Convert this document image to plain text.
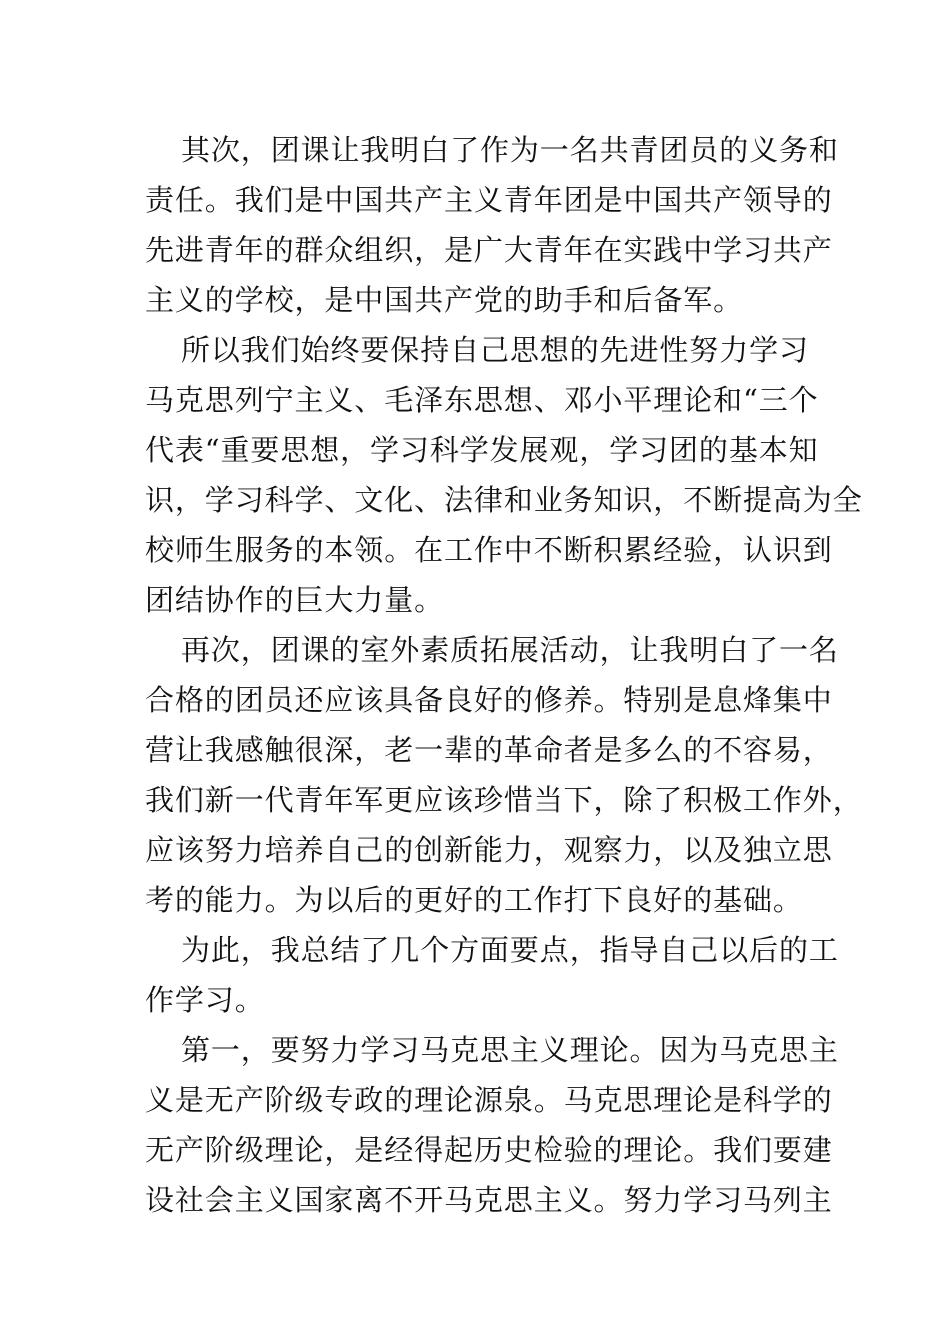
其次，团课让我明白了作为一名共青团员的义务和
责任。我们是中国共产主义青年团是中国共产领导的
先进青年的群众组织，是广大青年在实践中学习共产
主义的学校，是中国共产党的助手和后备军。
所以我们始终要保持自己思想的先进性努力学习
马克思列宁主义、毛泽东思想、邓小平理论和“三个
代表“重要思想，学习科学发展观，学习团的基本知
识，学习科学、文化、法律和业务知识，不断提高为全
校师生服务的本领。在工作中不断积累经验，认识到
团结协作的巨大力量。
再次，团课的室外素质拓展活动，让我明白了一名
合格的团员还应该具备良好的修养。特别是息烽集中
营让我感触很深，老一辈的革命者是多么的不容易，
我们新一代青年军更应该珍惜当下，除了积极工作外，
应该努力培养自己的创新能力，观察力，以及独立思
考的能力。为以后的更好的工作打下良好的基础。
为此，我总结了几个方面要点，指导自己以后的工
作学习。
第一，要努力学习马克思主义理论。因为马克思主
义是无产阶级专政的理论源泉。马克思理论是科学的
无产阶级理论，是经得起历史检验的理论。我们要建
设社会主义国家离不开马克思主义。努力学习马列主
